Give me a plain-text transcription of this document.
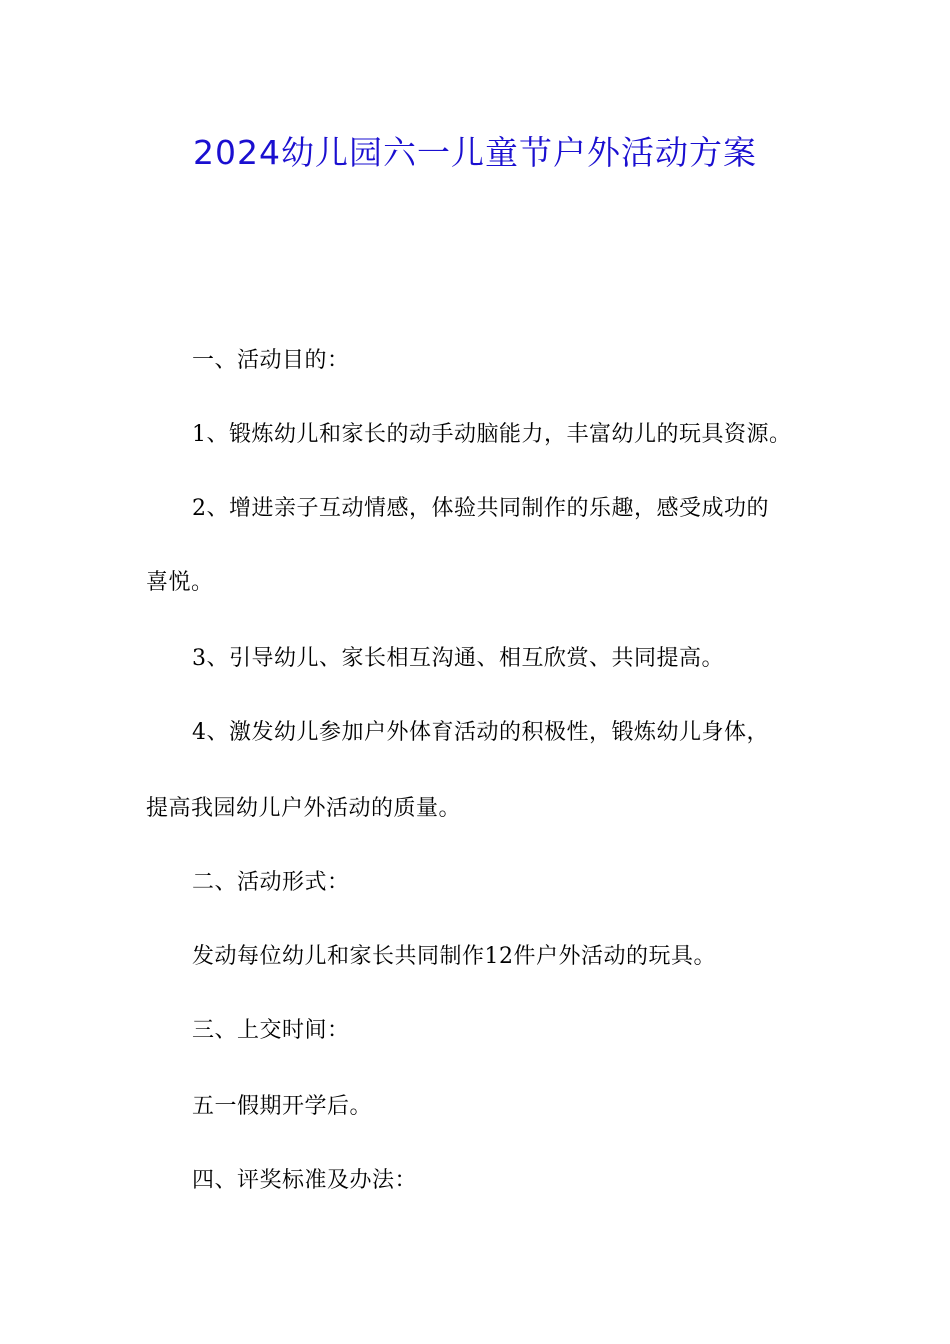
2024幼儿园六一儿童节户外活动方案
一、活动目的：
1、锻炼幼儿和家长的动手动脑能力，丰富幼儿的玩具资源。
2、增进亲子互动情感，体验共同制作的乐趣，感受成功的
喜悦。
3、引导幼儿、家长相互沟通、相互欣赏、共同提高。
4、激发幼儿参加户外体育活动的积极性，锻炼幼儿身体，
提高我园幼儿户外活动的质量。
二、活动形式：
发动每位幼儿和家长共同制作12件户外活动的玩具。
三、上交时间：
五一假期开学后。
四、评奖标准及办法：
